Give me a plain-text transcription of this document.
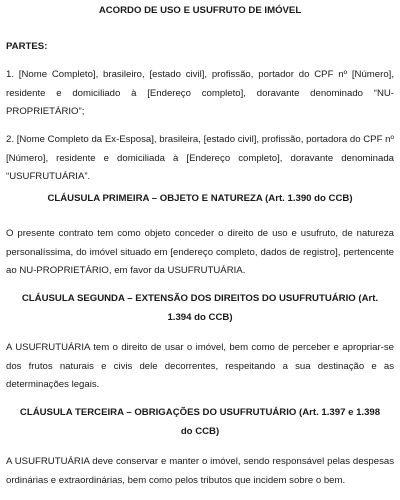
ACORDO DE USO E USUFRUTO DE IMÓVEL

PARTES:

1. [Nome Completo], brasileiro, [estado civil], profissão, portador do CPF nº [Número], residente e domiciliado à [Endereço completo], doravante denominado “NU-PROPRIETÁRIO”;

2. [Nome Completo da Ex-Esposa], brasileira, [estado civil], profissão, portadora do CPF nº [Número], residente e domiciliada à [Endereço completo], doravante denominada “USUFRUTUÁRIA”.

CLÁUSULA PRIMEIRA – OBJETO E NATUREZA (Art. 1.390 do CCB)

O presente contrato tem como objeto conceder o direito de uso e usufruto, de natureza personalíssima, do imóvel situado em [endereço completo, dados de registro], pertencente ao NU-PROPRIETÁRIO, em favor da USUFRUTUÁRIA.

CLÁUSULA SEGUNDA – EXTENSÃO DOS DIREITOS DO USUFRUTUÁRIO (Art. 1.394 do CCB)

A USUFRUTUÁRIA tem o direito de usar o imóvel, bem como de perceber e apropriar-se dos frutos naturais e civis dele decorrentes, respeitando a sua destinação e as determinações legais.

CLÁUSULA TERCEIRA – OBRIGAÇÕES DO USUFRUTUÁRIO (Art. 1.397 e 1.398 do CCB)

A USUFRUTUÁRIA deve conservar e manter o imóvel, sendo responsável pelas despesas ordinárias e extraordinárias, bem como pelos tributos que incidem sobre o bem.
